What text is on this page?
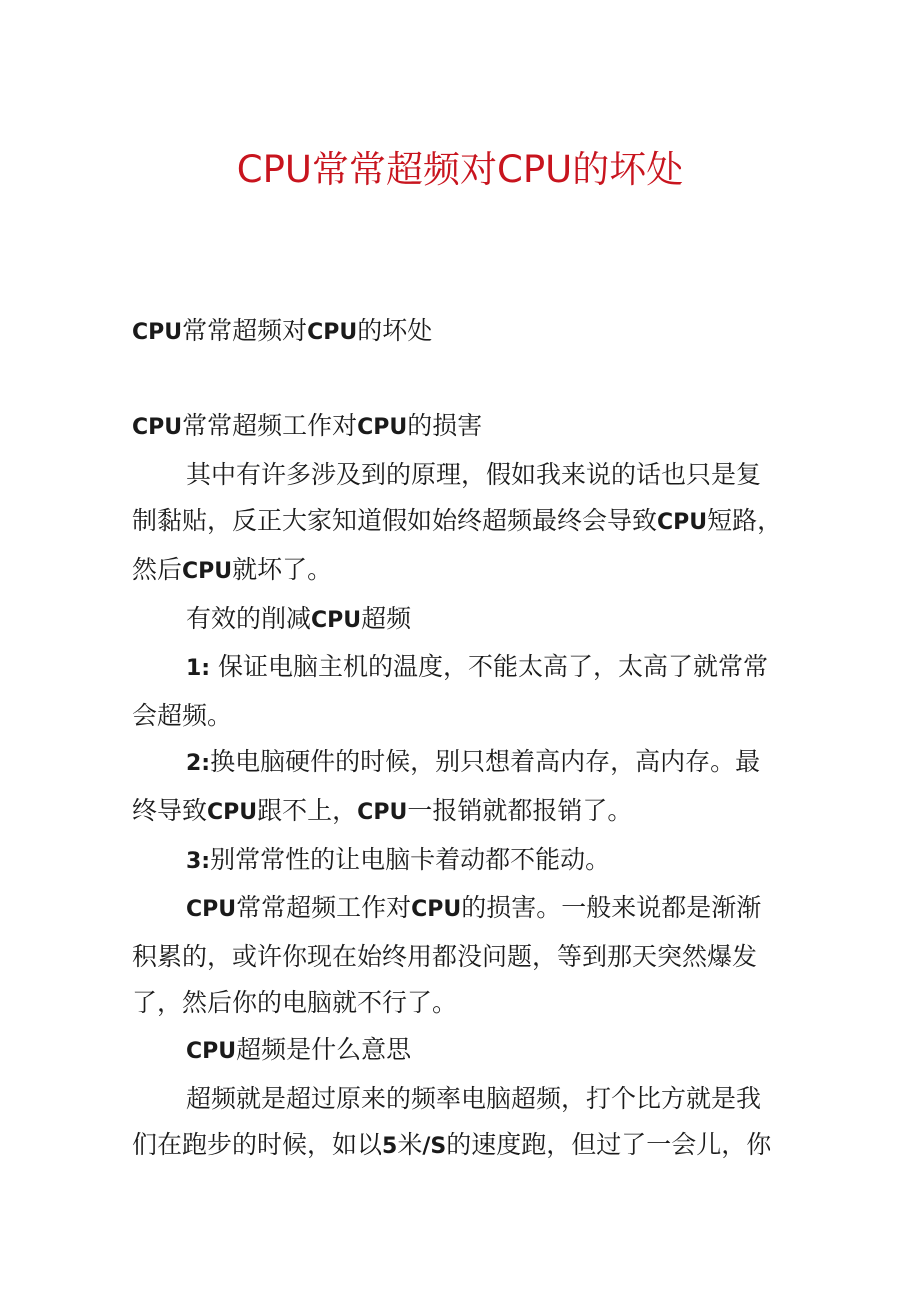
CPU常常超频对CPU的坏处

CPU常常超频对CPU的坏处

CPU常常超频工作对CPU的损害

其中有许多涉及到的原理，假如我来说的话也只是复

制黏贴，反正大家知道假如始终超频最终会导致CPU短路，

然后CPU就坏了。

有效的削减CPU超频

1: 保证电脑主机的温度，不能太高了，太高了就常常

会超频。

2:换电脑硬件的时候，别只想着高内存，高内存。最

终导致CPU跟不上，CPU一报销就都报销了。

3:别常常性的让电脑卡着动都不能动。

CPU常常超频工作对CPU的损害。一般来说都是渐渐

积累的，或许你现在始终用都没问题，等到那天突然爆发

了，然后你的电脑就不行了。

CPU超频是什么意思

超频就是超过原来的频率电脑超频，打个比方就是我

们在跑步的时候，如以5米/S的速度跑，但过了一会儿，你
